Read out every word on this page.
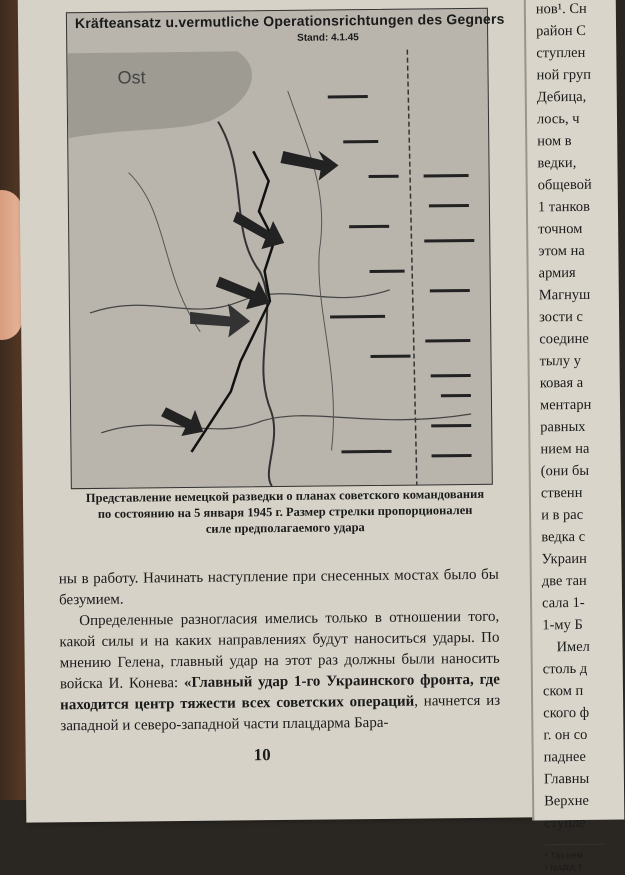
Kräfteansatz u.vermutliche Operationsrichtungen des Gegners
Stand: 4.1.45
Ost
Представление немецкой разведки о планах советского командования по состоянию на 5 января 1945 г. Размер стрелки пропорционален силе предполагаемого удара

ны в работу. Начинать наступление при снесенных мостах было бы безумием.

Определенные разногласия имелись только в отношении того, какой силы и на каких направлениях будут наноситься удары. По мнению Гелена, главный удар на этот раз должны были наносить войска И. Конева: «Главный удар 1-го Украинского фронта, где находится центр тяжести всех советских операций, начнется из западной и северо-западной части плацдарма Бара-

10
нов¹. Сн
район С
ступлен
ной груп
Дебица,
лось, ч
ном в
ведки,
общевой
1 танков
точном
этом на
армия
Магнуш
зости с
соедине
тылу у
ковая а
ментарн
равных
нием на
(они бы
ственн
и в рас
ведка с
Украин
две тан
сала 1-
1-му Б
Имел
столь д
ском п
ского ф
г. он со
паднее
Главны
Верхне
ступле
¹ Так нем
² NARA T
